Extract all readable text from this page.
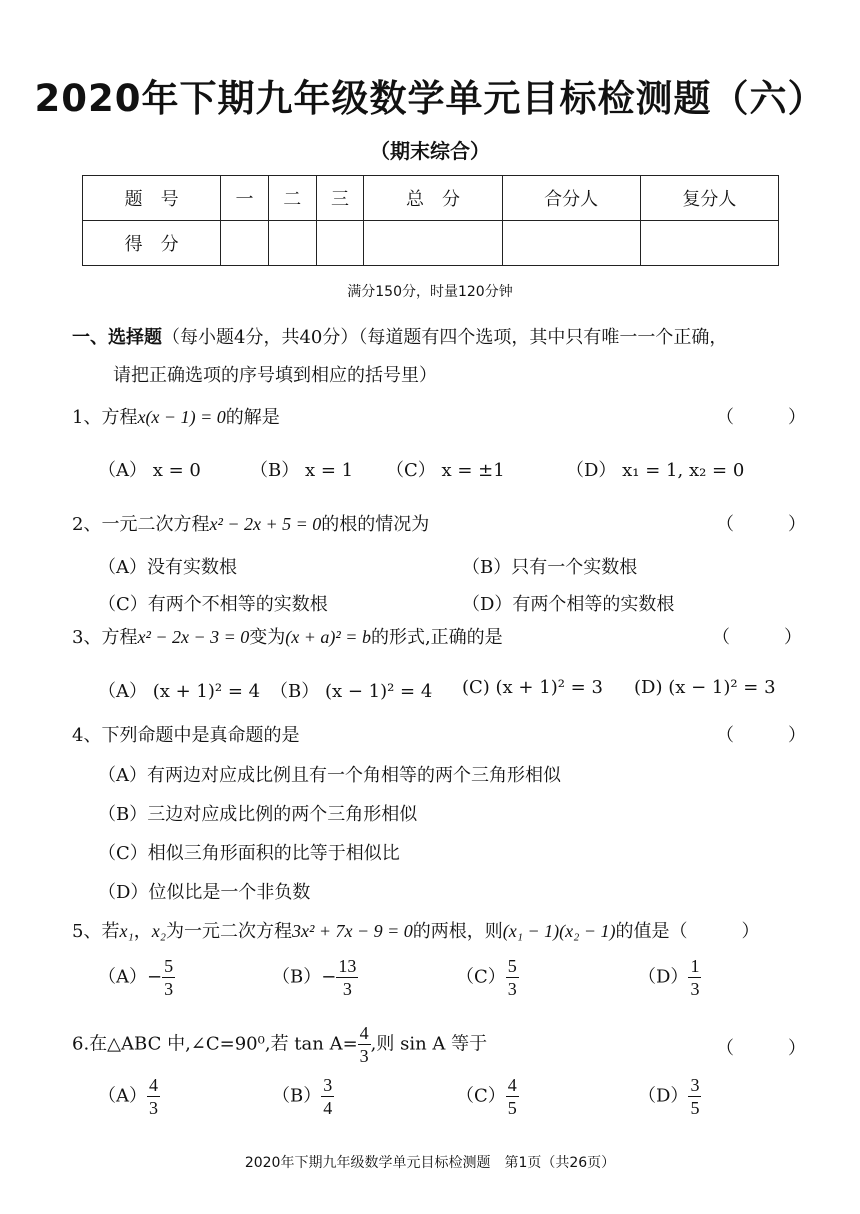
2020年下期九年级数学单元目标检测题（六）
（期末综合）
题　号	一	二	三	总　分	合分人	复分人
得　分						
满分150分，时量120分钟
一、选择题（每小题4分，共40分）（每道题有四个选项，其中只有唯一一个正确，
请把正确选项的序号填到相应的括号里）
1、方程x(x − 1) = 0的解是	（　　　）
（A） x = 0	（B） x = 1 （C） x = ±1	（D） x₁ = 1, x₂ = 0
2、一元二次方程x² − 2x + 5 = 0的根的情况为	（　　　）
（A）没有实数根	（B）只有一个实数根
（C）有两个不相等的实数根	（D）有两个相等的实数根
3、方程x² − 2x − 3 = 0变为(x + a)² = b的形式,正确的是	（　　　）
（A） (x + 1)² = 4 （B） (x − 1)² = 4 (C) (x + 1)² = 3 (D) (x − 1)² = 3
4、下列命题中是真命题的是	（　　　）
（A）有两边对应成比例且有一个角相等的两个三角形相似
（B）三边对应成比例的两个三角形相似
（C）相似三角形面积的比等于相似比
（D）位似比是一个非负数
5、若x₁，x₂为一元二次方程3x² + 7x − 9 = 0的两根，则(x₁ − 1)(x₂ − 1)的值是（　　　）
$(A)- \frac{5}{3}$	$(B)- \frac{13}{3}$	$(C) \frac{5}{3}$	$(D) \frac{1}{3}$
6.在△ABC 中,∠C=90⁰,若 $\tan A= \frac{4}{3}$ ,则 sin A 等于	（　　　）
$(A) \frac{4}{3}$	$(B) \frac{3}{4}$	$(C) \frac{4}{5}$	$(D) \frac{3}{5}$
2020年下期九年级数学单元目标检测题　第1页（共26页）
